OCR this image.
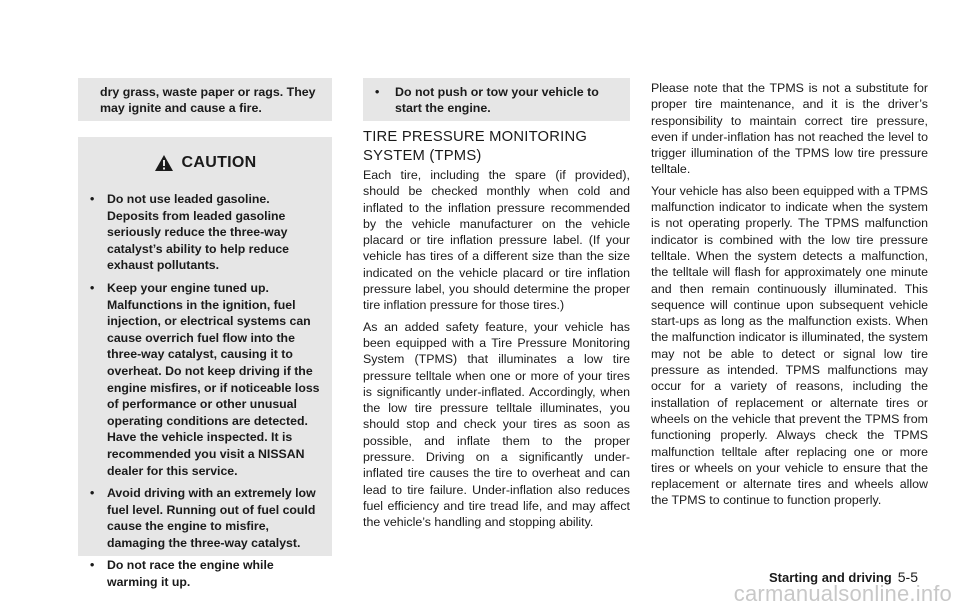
dry grass, waste paper or rags. They may ignite and cause a fire.

CAUTION
• Do not use leaded gasoline. Deposits from leaded gasoline seriously reduce the three-way catalyst’s ability to help reduce exhaust pollutants.
• Keep your engine tuned up. Malfunctions in the ignition, fuel injection, or electrical systems can cause overrich fuel flow into the three-way catalyst, causing it to overheat. Do not keep driving if the engine misfires, or if noticeable loss of performance or other unusual operating conditions are detected. Have the vehicle inspected. It is recommended you visit a NISSAN dealer for this service.
• Avoid driving with an extremely low fuel level. Running out of fuel could cause the engine to misfire, damaging the three-way catalyst.
• Do not race the engine while warming it up.
• Do not push or tow your vehicle to start the engine.
TIRE PRESSURE MONITORING SYSTEM (TPMS)

Each tire, including the spare (if provided), should be checked monthly when cold and inflated to the inflation pressure recommended by the vehicle manufacturer on the vehicle placard or tire inflation pressure label. (If your vehicle has tires of a different size than the size indicated on the vehicle placard or tire inflation pressure label, you should determine the proper tire inflation pressure for those tires.)

As an added safety feature, your vehicle has been equipped with a Tire Pressure Monitoring System (TPMS) that illuminates a low tire pressure telltale when one or more of your tires is significantly under-inflated. Accordingly, when the low tire pressure telltale illuminates, you should stop and check your tires as soon as possible, and inflate them to the proper pressure. Driving on a significantly under-inflated tire causes the tire to overheat and can lead to tire failure. Under-inflation also reduces fuel efficiency and tire tread life, and may affect the vehicle’s handling and stopping ability.

Please note that the TPMS is not a substitute for proper tire maintenance, and it is the driver’s responsibility to maintain correct tire pressure, even if under-inflation has not reached the level to trigger illumination of the TPMS low tire pressure telltale.

Your vehicle has also been equipped with a TPMS malfunction indicator to indicate when the system is not operating properly. The TPMS malfunction indicator is combined with the low tire pressure telltale. When the system detects a malfunction, the telltale will flash for approximately one minute and then remain continuously illuminated. This sequence will continue upon subsequent vehicle start-ups as long as the malfunction exists. When the malfunction indicator is illuminated, the system may not be able to detect or signal low tire pressure as intended. TPMS malfunctions may occur for a variety of reasons, including the installation of replacement or alternate tires or wheels on the vehicle that prevent the TPMS from functioning properly. Always check the TPMS malfunction telltale after replacing one or more tires or wheels on your vehicle to ensure that the replacement or alternate tires and wheels allow the TPMS to continue to function properly.

Starting and driving 5-5
carmanualsonline.info
